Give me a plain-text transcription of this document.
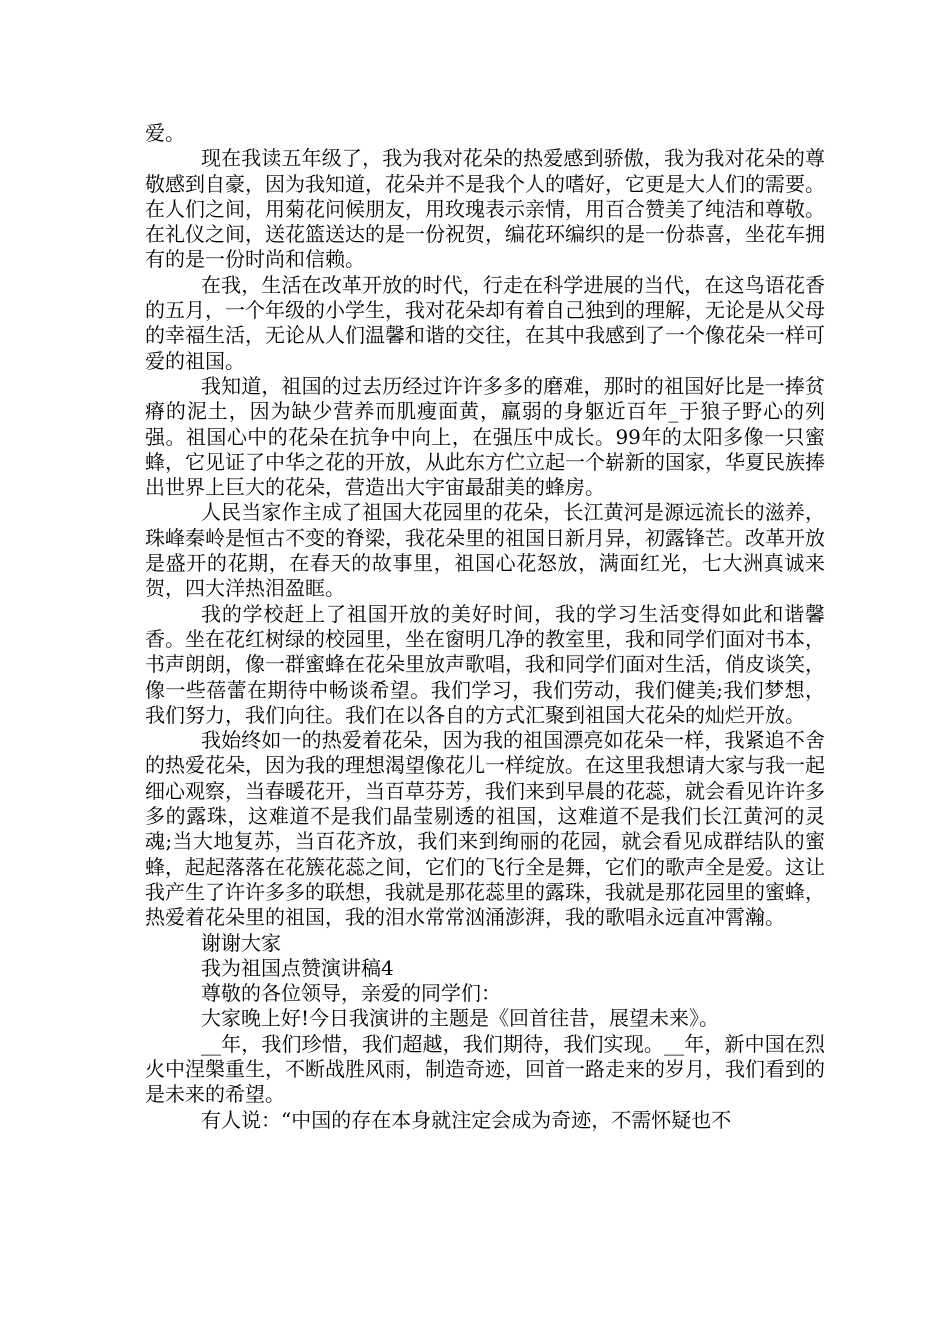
爱。

现在我读五年级了，我为我对花朵的热爱感到骄傲，我为我对花朵的尊敬感到自豪，因为我知道，花朵并不是我个人的嗜好，它更是大人们的需要。在人们之间，用菊花问候朋友，用玫瑰表示亲情，用百合赞美了纯洁和尊敬。在礼仪之间，送花篮送达的是一份祝贺，编花环编织的是一份恭喜，坐花车拥有的是一份时尚和信赖。

在我，生活在改革开放的时代，行走在科学进展的当代，在这鸟语花香的五月，一个年级的小学生，我对花朵却有着自己独到的理解，无论是从父母的幸福生活，无论从人们温馨和谐的交往，在其中我感到了一个像花朵一样可爱的祖国。

我知道，祖国的过去历经过许许多多的磨难，那时的祖国好比是一捧贫瘠的泥土，因为缺少营养而肌瘦面黄，羸弱的身躯近百年_于狼子野心的列强。祖国心中的花朵在抗争中向上，在强压中成长。99年的太阳多像一只蜜蜂，它见证了中华之花的开放，从此东方伫立起一个崭新的国家，华夏民族捧出世界上巨大的花朵，营造出大宇宙最甜美的蜂房。

人民当家作主成了祖国大花园里的花朵，长江黄河是源远流长的滋养，珠峰秦岭是恒古不变的脊梁，我花朵里的祖国日新月异，初露锋芒。改革开放是盛开的花期，在春天的故事里，祖国心花怒放，满面红光，七大洲真诚来贺，四大洋热泪盈眶。

我的学校赶上了祖国开放的美好时间，我的学习生活变得如此和谐馨香。坐在花红树绿的校园里，坐在窗明几净的教室里，我和同学们面对书本，书声朗朗，像一群蜜蜂在花朵里放声歌唱，我和同学们面对生活，俏皮谈笑，像一些蓓蕾在期待中畅谈希望。我们学习，我们劳动，我们健美;我们梦想，我们努力，我们向往。我们在以各自的方式汇聚到祖国大花朵的灿烂开放。

我始终如一的热爱着花朵，因为我的祖国漂亮如花朵一样，我紧追不舍的热爱花朵，因为我的理想渴望像花儿一样绽放。在这里我想请大家与我一起细心观察，当春暖花开，当百草芬芳，我们来到早晨的花蕊，就会看见许许多多的露珠，这难道不是我们晶莹剔透的祖国，这难道不是我们长江黄河的灵魂;当大地复苏，当百花齐放，我们来到绚丽的花园，就会看见成群结队的蜜蜂，起起落落在花簇花蕊之间，它们的飞行全是舞，它们的歌声全是爱。这让我产生了许许多多的联想，我就是那花蕊里的露珠，我就是那花园里的蜜蜂，热爱着花朵里的祖国，我的泪水常常汹涌澎湃，我的歌唱永远直冲霄瀚。

谢谢大家

我为祖国点赞演讲稿4

尊敬的各位领导，亲爱的同学们：

大家晚上好!今日我演讲的主题是《回首往昔，展望未来》。

__年，我们珍惜，我们超越，我们期待，我们实现。__年，新中国在烈火中涅槃重生，不断战胜风雨，制造奇迹，回首一路走来的岁月，我们看到的是未来的希望。

有人说：“中国的存在本身就注定会成为奇迹，不需怀疑也不
